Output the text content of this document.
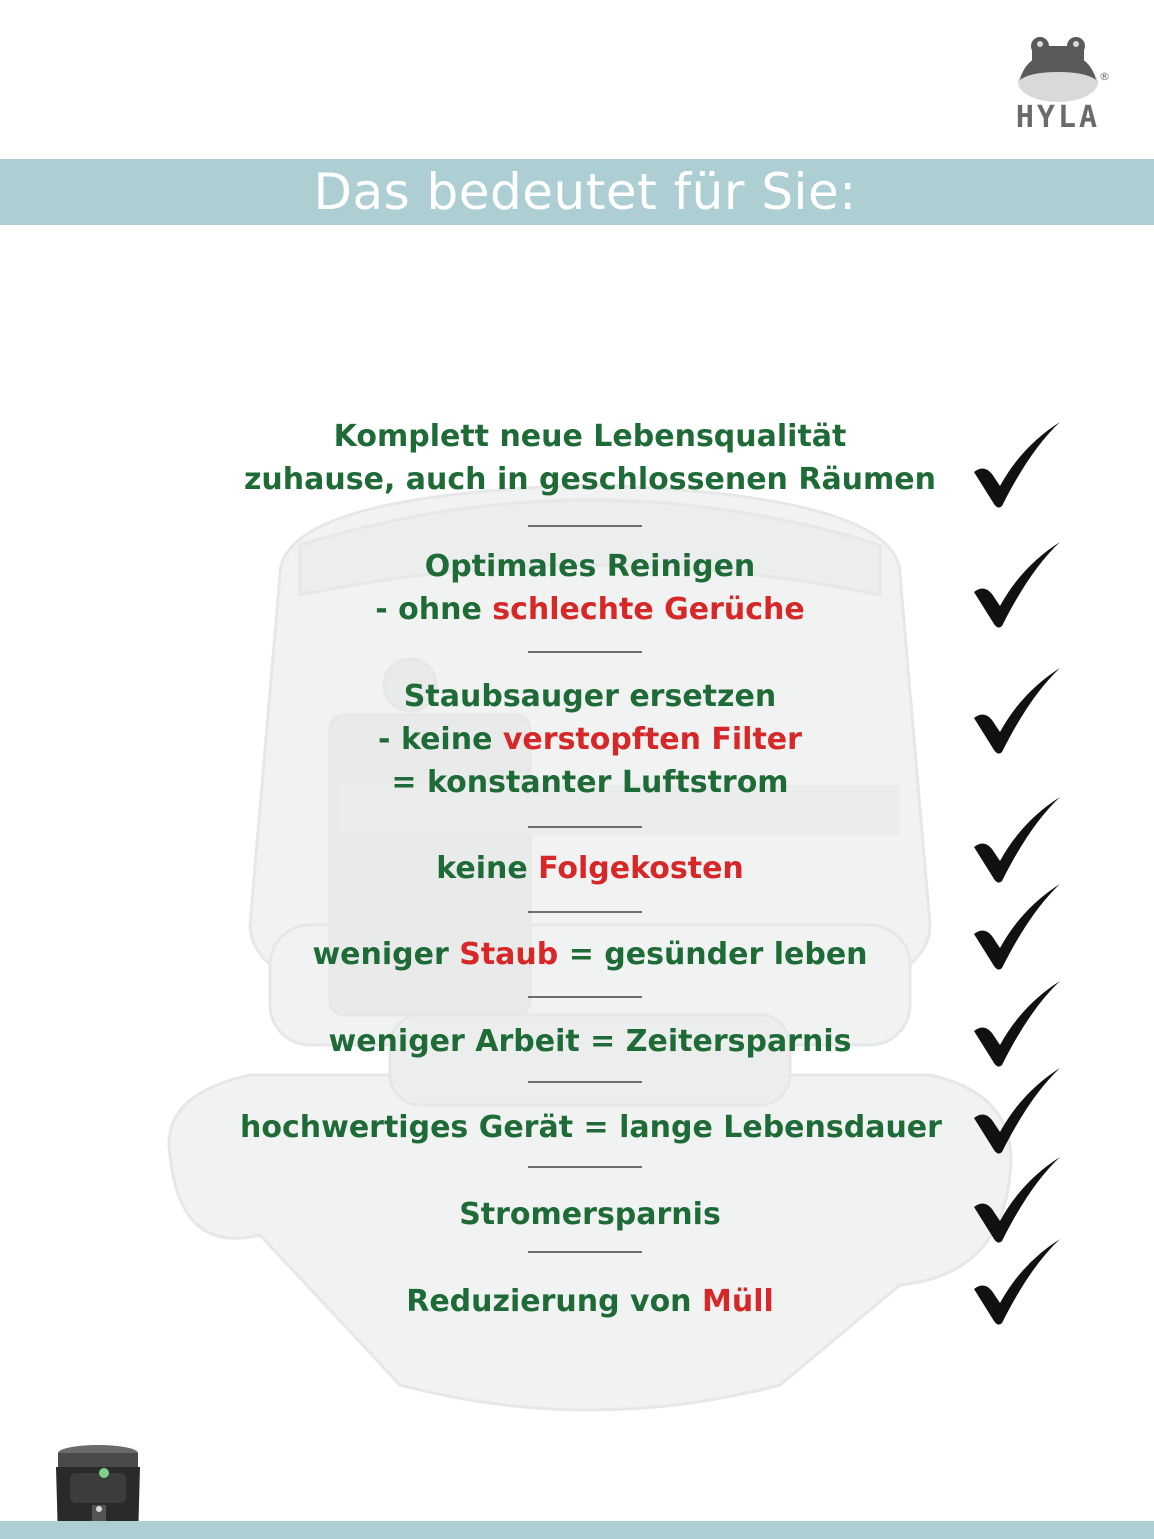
®
HYLA
Das bedeutet für Sie:
Komplett neue Lebensqualität
zuhause, auch in geschlossenen Räumen
Optimales Reinigen
- ohne schlechte Gerüche
Staubsauger ersetzen
- keine verstopften Filter
= konstanter Luftstrom
keine Folgekosten
weniger Staub = gesünder leben
weniger Arbeit = Zeitersparnis
hochwertiges Gerät = lange Lebensdauer
Stromersparnis
Reduzierung von Müll
